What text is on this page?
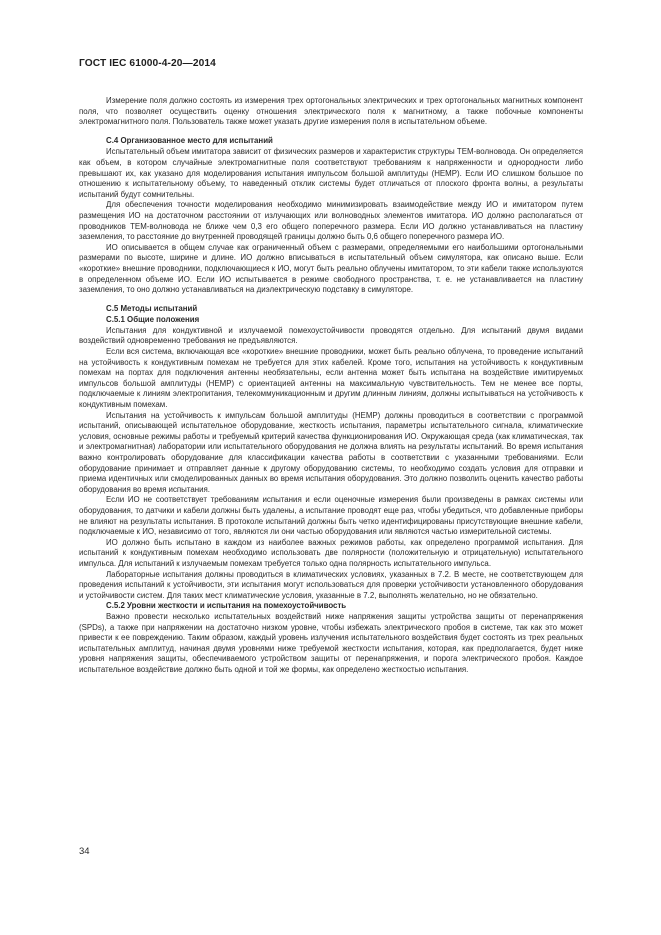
ГОСТ IEC 61000-4-20—2014

Измерение поля должно состоять из измерения трех ортогональных электрических и трех ортогональных магнитных компонент поля, что позволяет осуществить оценку отношения электрического поля к магнитному, а также побочные компоненты электромагнитного поля. Пользователь также может указать другие измерения поля в испытательном объеме.

С.4 Организованное место для испытаний

Испытательный объем имитатора зависит от физических размеров и характеристик структуры ТЕМ-волновода. Он определяется как объем, в котором случайные электромагнитные поля соответствуют требованиям к напряженности и однородности либо превышают их, как указано для моделирования испытания импульсом большой амплитуды (НЕМР). Если ИО слишком большое по отношению к испытательному объему, то наведенный отклик системы будет отличаться от плоского фронта волны, а результаты испытаний будут сомнительны.

Для обеспечения точности моделирования необходимо минимизировать взаимодействие между ИО и имитатором путем размещения ИО на достаточном расстоянии от излучающих или волноводных элементов имитатора. ИО должно располагаться от проводников ТЕМ-волновода не ближе чем 0,3 его общего поперечного размера. Если ИО должно устанавливаться на пластину заземления, то расстояние до внутренней проводящей границы должно быть 0,6 общего поперечного размера ИО.

ИО описывается в общем случае как ограниченный объем с размерами, определяемыми его наибольшими ортогональными размерами по высоте, ширине и длине. ИО должно вписываться в испытательный объем симулятора, как описано выше. Если «короткие» внешние проводники, подключающиеся к ИО, могут быть реально облучены имитатором, то эти кабели также используются в определенном объеме ИО. Если ИО испытывается в режиме свободного пространства, т. е. не устанавливается на пластину заземления, то оно должно устанавливаться на диэлектрическую подставку в симуляторе.

С.5 Методы испытаний
С.5.1 Общие положения

Испытания для кондуктивной и излучаемой помехоустойчивости проводятся отдельно. Для испытаний двумя видами воздействий одновременно требования не предъявляются.

Если вся система, включающая все «короткие» внешние проводники, может быть реально облучена, то проведение испытаний на устойчивость к кондуктивным помехам не требуется для этих кабелей. Кроме того, испытания на устойчивость к кондуктивным помехам на портах для подключения антенны необязательны, если антенна может быть испытана на воздействие имитируемых импульсов большой амплитуды (НЕМР) с ориентацией антенны на максимальную чувствительность. Тем не менее все порты, подключаемые к линиям электропитания, телекоммуникационным и другим длинным линиям, должны испытываться на устойчивость к кондуктивным помехам.

Испытания на устойчивость к импульсам большой амплитуды (НЕМР) должны проводиться в соответствии с программой испытаний, описывающей испытательное оборудование, жесткость испытания, параметры испытательного сигнала, климатические условия, основные режимы работы и требуемый критерий качества функционирования ИО. Окружающая среда (как климатическая, так и электромагнитная) лаборатории или испытательного оборудования не должна влиять на результаты испытаний. Во время испытания важно контролировать оборудование для классификации качества работы в соответствии с указанными требованиями. Если оборудование принимает и отправляет данные к другому оборудованию системы, то необходимо создать условия для отправки и приема идентичных или смоделированных данных во время испытания оборудования. Это должно позволить оценить качество работы оборудования во время испытания.

Если ИО не соответствует требованиям испытания и если оценочные измерения были произведены в рамках системы или оборудования, то датчики и кабели должны быть удалены, а испытание проводят еще раз, чтобы убедиться, что добавленные приборы не влияют на результаты испытания. В протоколе испытаний должны быть четко идентифицированы присутствующие внешние кабели, подключаемые к ИО, независимо от того, являются ли они частью оборудования или являются частью измерительной системы.

ИО должно быть испытано в каждом из наиболее важных режимов работы, как определено программой испытания. Для испытаний к кондуктивным помехам необходимо использовать две полярности (положительную и отрицательную) испытательного импульса. Для испытаний к излучаемым помехам требуется только одна полярность испытательного импульса.

Лабораторные испытания должны проводиться в климатических условиях, указанных в 7.2. В месте, не соответствующем для проведения испытаний к устойчивости, эти испытания могут использоваться для проверки устойчивости установленного оборудования и устойчивости систем. Для таких мест климатические условия, указанные в 7.2, выполнять желательно, но не обязательно.

С.5.2 Уровни жесткости и испытания на помехоустойчивость

Важно провести несколько испытательных воздействий ниже напряжения защиты устройства защиты от перенапряжения (SPDs), а также при напряжении на достаточно низком уровне, чтобы избежать электрического пробоя в системе, так как это может привести к ее повреждению. Таким образом, каждый уровень излучения испытательного воздействия будет состоять из трех реальных испытательных амплитуд, начиная двумя уровнями ниже требуемой жесткости испытания, которая, как предполагается, будет ниже уровня напряжения защиты, обеспечиваемого устройством защиты от перенапряжения, и порога электрического пробоя. Каждое испытательное воздействие должно быть одной и той же формы, как определено жесткостью испытания.

34
